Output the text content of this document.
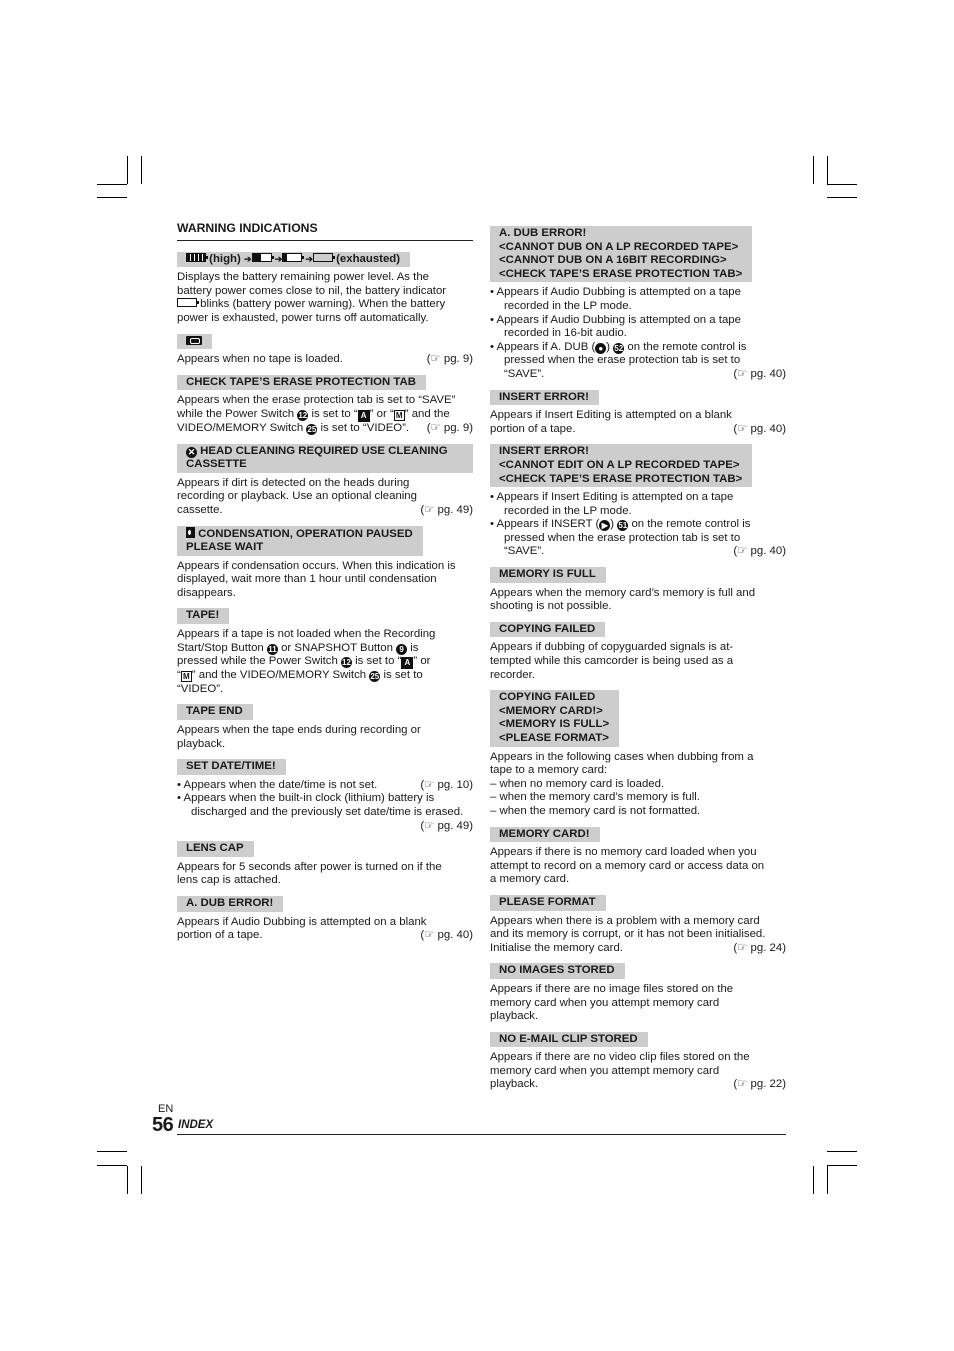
WARNING INDICATIONS
(high) ➔	➔	➔ (exhausted)

Displays the battery remaining power level. As the
battery power comes close to nil, the battery indicator
blinks (battery power warning). When the battery
power is exhausted, power turns off automatically.

(☞ pg. 9)
Appears when no tape is loaded.

CHECK TAPE’S ERASE PROTECTION TAB

Appears when the erase protection tab is set to “SAVE”
while the Power Switch 12 is set to “ A ” or “ M ” and the
(☞ pg. 9)
VIDEO/MEMORY Switch 25 is set to “VIDEO”.

✕ HEAD CLEANING REQUIRED USE CLEANING
CASSETTE

Appears if dirt is detected on the heads during
recording or playback. Use an optional cleaning
(☞ pg. 49)
cassette.

CONDENSATION, OPERATION PAUSED
PLEASE WAIT

Appears if condensation occurs. When this indication is
displayed, wait more than 1 hour until condensation
disappears.

TAPE!

Appears if a tape is not loaded when the Recording
Start/Stop Button 11 or SNAPSHOT Button 9 is
pressed while the Power Switch 12 is set to “ A ” or
“ M ” and the VIDEO/MEMORY Switch 25 is set to
“VIDEO”.

TAPE END

Appears when the tape ends during recording or
playback.

SET DATE/TIME!
(☞ pg. 10)
• Appears when the date/time is not set.
• Appears when the built-in clock (lithium) battery is
discharged and the previously set date/time is erased.
(☞ pg. 49)

LENS CAP

Appears for 5 seconds after power is turned on if the
lens cap is attached.

A. DUB ERROR!

Appears if Audio Dubbing is attempted on a blank
(☞ pg. 40)
portion of a tape.

A. DUB ERROR!
<CANNOT DUB ON A LP RECORDED TAPE>
<CANNOT DUB ON A 16BIT RECORDING>
<CHECK TAPE’S ERASE PROTECTION TAB>
• Appears if Audio Dubbing is attempted on a tape
recorded in the LP mode.
• Appears if Audio Dubbing is attempted on a tape
recorded in 16-bit audio.
• Appears if A. DUB ( ● ) 52 on the remote control is
pressed when the erase protection tab is set to
(☞ pg. 40)
“SAVE”.
INSERT ERROR!

Appears if Insert Editing is attempted on a blank
(☞ pg. 40)
portion of a tape.

INSERT ERROR!
<CANNOT EDIT ON A LP RECORDED TAPE>
<CHECK TAPE’S ERASE PROTECTION TAB>
• Appears if Insert Editing is attempted on a tape
recorded in the LP mode.
• Appears if INSERT ( ▶ ) 51 on the remote control is
pressed when the erase protection tab is set to
(☞ pg. 40)
“SAVE”.
MEMORY IS FULL

Appears when the memory card’s memory is full and
shooting is not possible.

COPYING FAILED

Appears if dubbing of copyguarded signals is at-
tempted while this camcorder is being used as a
recorder.

COPYING FAILED
<MEMORY CARD!>
<MEMORY IS FULL>
<PLEASE FORMAT>

Appears in the following cases when dubbing from a
tape to a memory card:
– when no memory card is loaded.
– when the memory card’s memory is full.
– when the memory card is not formatted.

MEMORY CARD!

Appears if there is no memory card loaded when you
attempt to record on a memory card or access data on
a memory card.

PLEASE FORMAT

Appears when there is a problem with a memory card
and its memory is corrupt, or it has not been initialised.
(☞ pg. 24)
Initialise the memory card.

NO IMAGES STORED

Appears if there are no image files stored on the
memory card when you attempt memory card
playback.

NO E-MAIL CLIP STORED

Appears if there are no video clip files stored on the
memory card when you attempt memory card
(☞ pg. 22)
playback.

EN
56 INDEX
